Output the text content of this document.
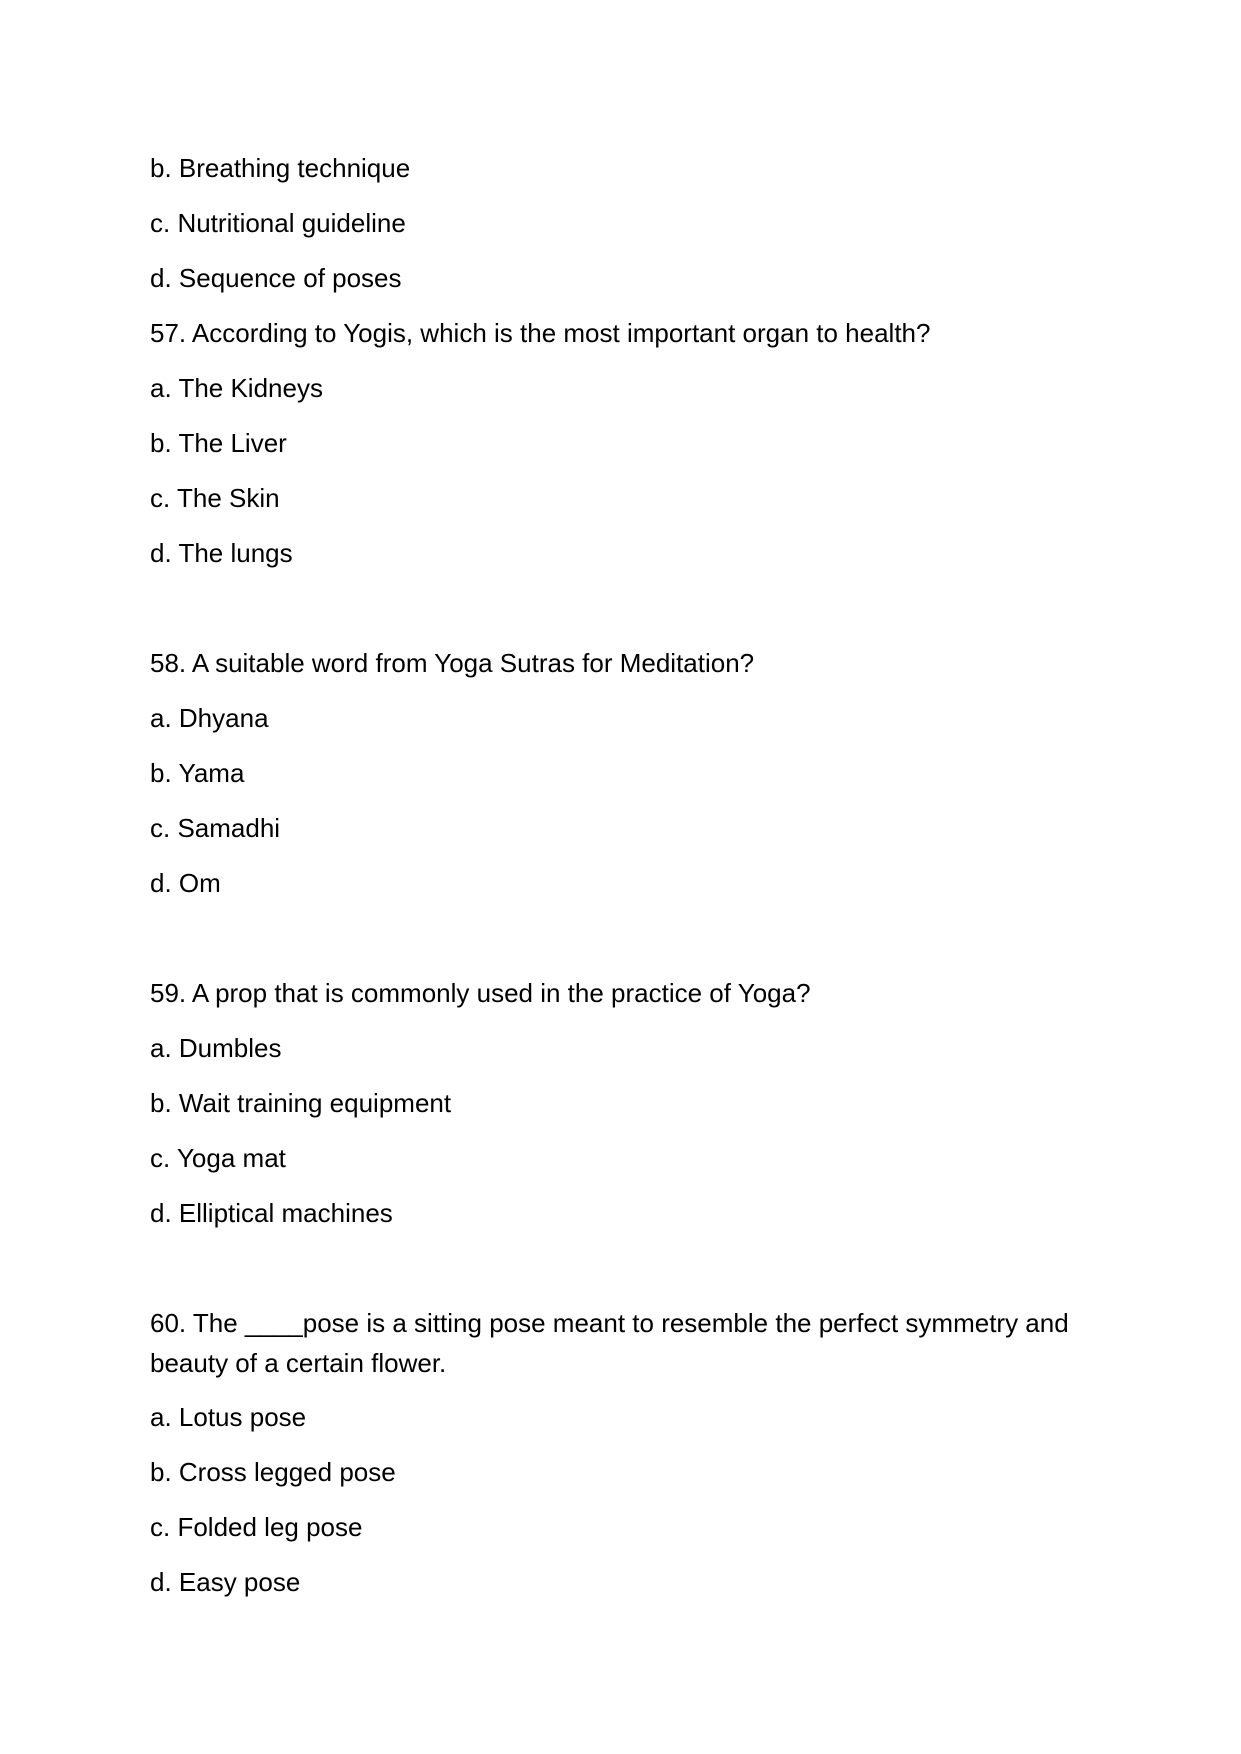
b. Breathing technique
c. Nutritional guideline
d. Sequence of poses
57. According to Yogis, which is the most important organ to health?
a. The Kidneys
b. The Liver
c. The Skin
d. The lungs
58. A suitable word from Yoga Sutras for Meditation?
a. Dhyana
b. Yama
c. Samadhi
d. Om
59. A prop that is commonly used in the practice of Yoga?
a. Dumbles
b. Wait training equipment
c. Yoga mat
d. Elliptical machines
60. The ____pose is a sitting pose meant to resemble the perfect symmetry and beauty of a certain flower.
a. Lotus pose
b. Cross legged pose
c. Folded leg pose
d. Easy pose
